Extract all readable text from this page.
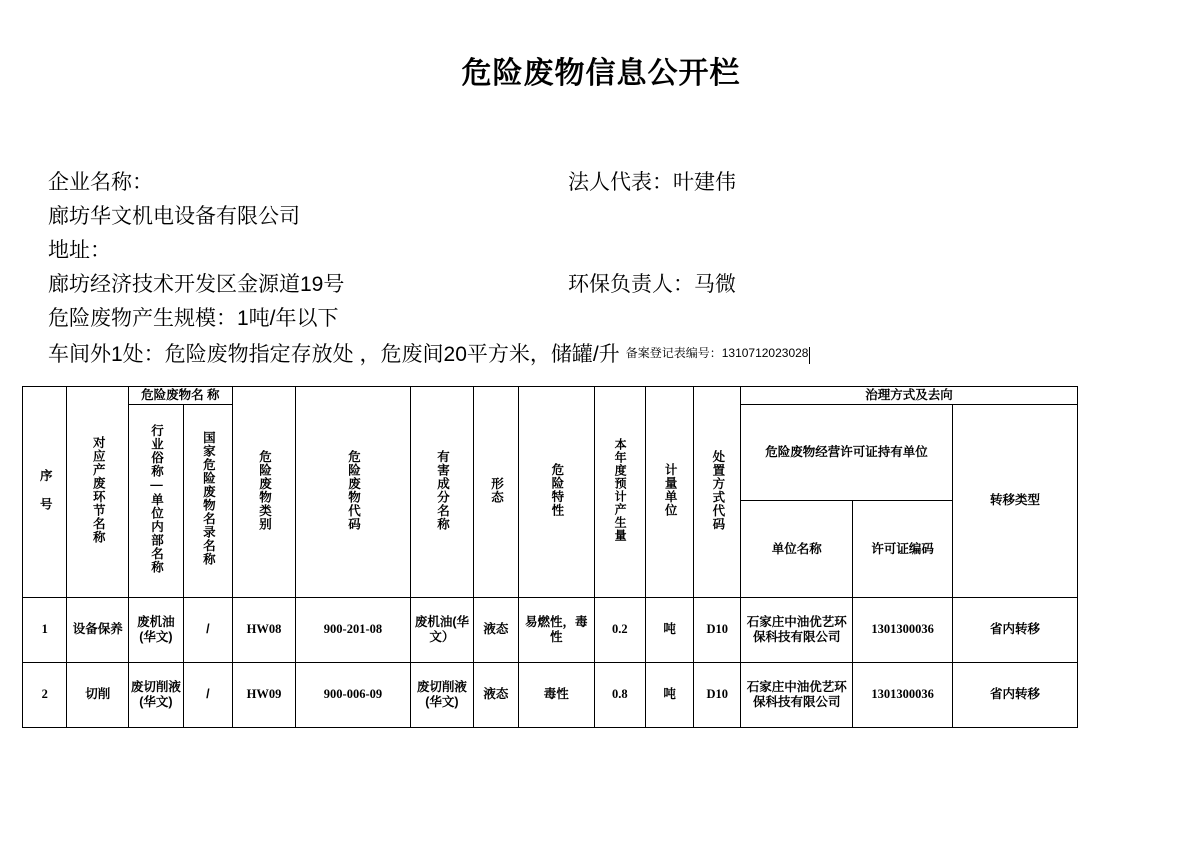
危险废物信息公开栏
企业名称：	法人代表：叶建伟
廊坊华文机电设备有限公司
地址：
廊坊经济技术开发区金源道19号	环保负责人：马微
危险废物产生规模：1吨/年以下
车间外1处：危险废物指定存放处 ，危废间20平方米，储罐/升 备案登记表编号：1310712023028
序 号	对应产废环节名称	危险废物名 称		危险废物类别	危险废物代码	有害成分名称	形态	危险特性	本年度预计产生量	计量单位	处置方式代码	治理方式及去向		
		行业俗称—单位内部名称	国家危险废物名录名称									危险废物经营许可证持有单位		转移类型
												单位名称	许可证编码	
1	设备保养	废机油(华文)	/	HW08	900-201-08	废机油(华文）	液态	易燃性，毒性	0.2	吨	D10	石家庄中油优艺环保科技有限公司	1301300036	省内转移
2	切削	废切削液(华文)	/	HW09	900-006-09	废切削液(华文)	液态	毒性	0.8	吨	D10	石家庄中油优艺环保科技有限公司	1301300036	省内转移
